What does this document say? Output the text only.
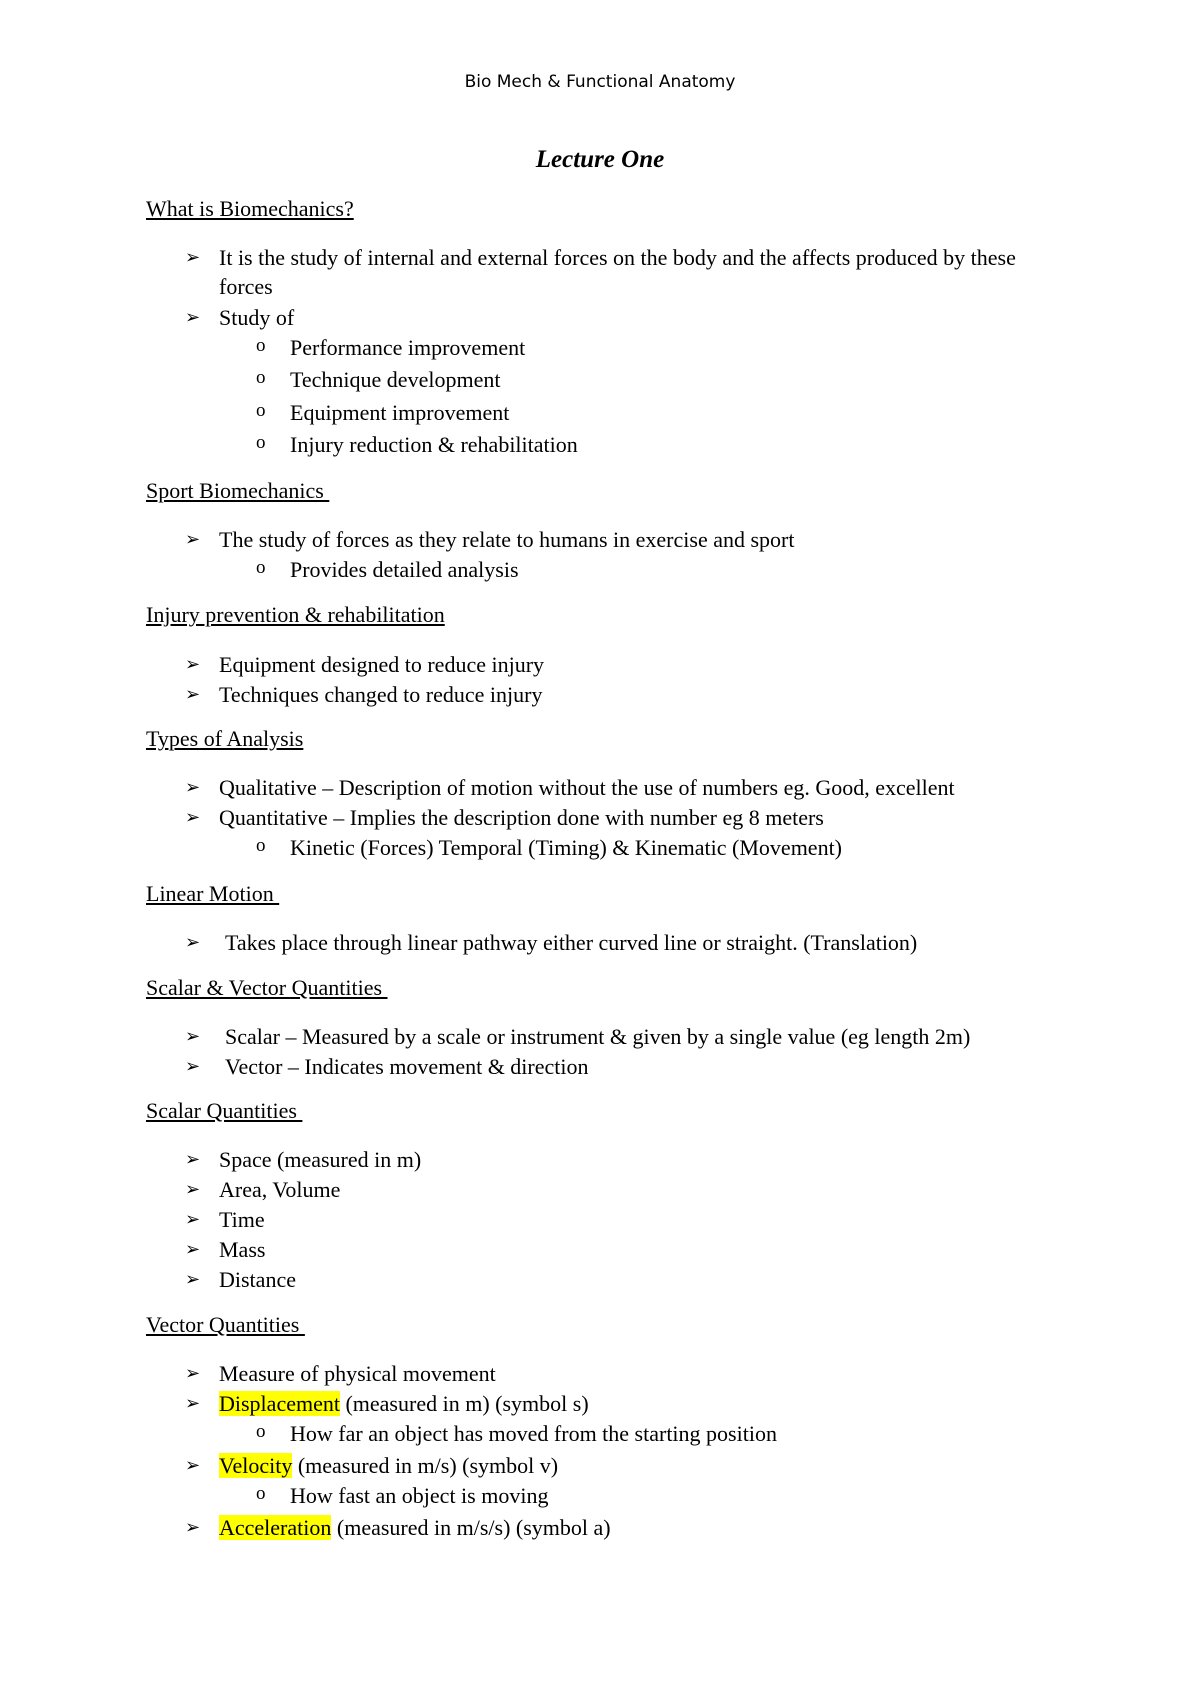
Bio Mech & Functional Anatomy
Lecture One
What is Biomechanics?
➢ It is the study of internal and external forces on the body and the affects produced by these forces
➢ Study of
o Performance improvement
o Technique development
o Equipment improvement
o Injury reduction & rehabilitation
Sport Biomechanics
➢ The study of forces as they relate to humans in exercise and sport
o Provides detailed analysis
Injury prevention & rehabilitation
➢ Equipment designed to reduce injury
➢ Techniques changed to reduce injury
Types of Analysis
➢ Qualitative – Description of motion without the use of numbers eg. Good, excellent
➢ Quantitative – Implies the description done with number eg 8 meters
o Kinetic (Forces) Temporal (Timing) & Kinematic (Movement)
Linear Motion
➢ Takes place through linear pathway either curved line or straight. (Translation)
Scalar & Vector Quantities
➢ Scalar – Measured by a scale or instrument & given by a single value (eg length 2m)
➢ Vector – Indicates movement & direction
Scalar Quantities
➢ Space (measured in m)
➢ Area, Volume
➢ Time
➢ Mass
➢ Distance
Vector Quantities
➢ Measure of physical movement
➢ Displacement (measured in m) (symbol s)
o How far an object has moved from the starting position
➢ Velocity (measured in m/s) (symbol v)
o How fast an object is moving
➢ Acceleration (measured in m/s/s) (symbol a)
